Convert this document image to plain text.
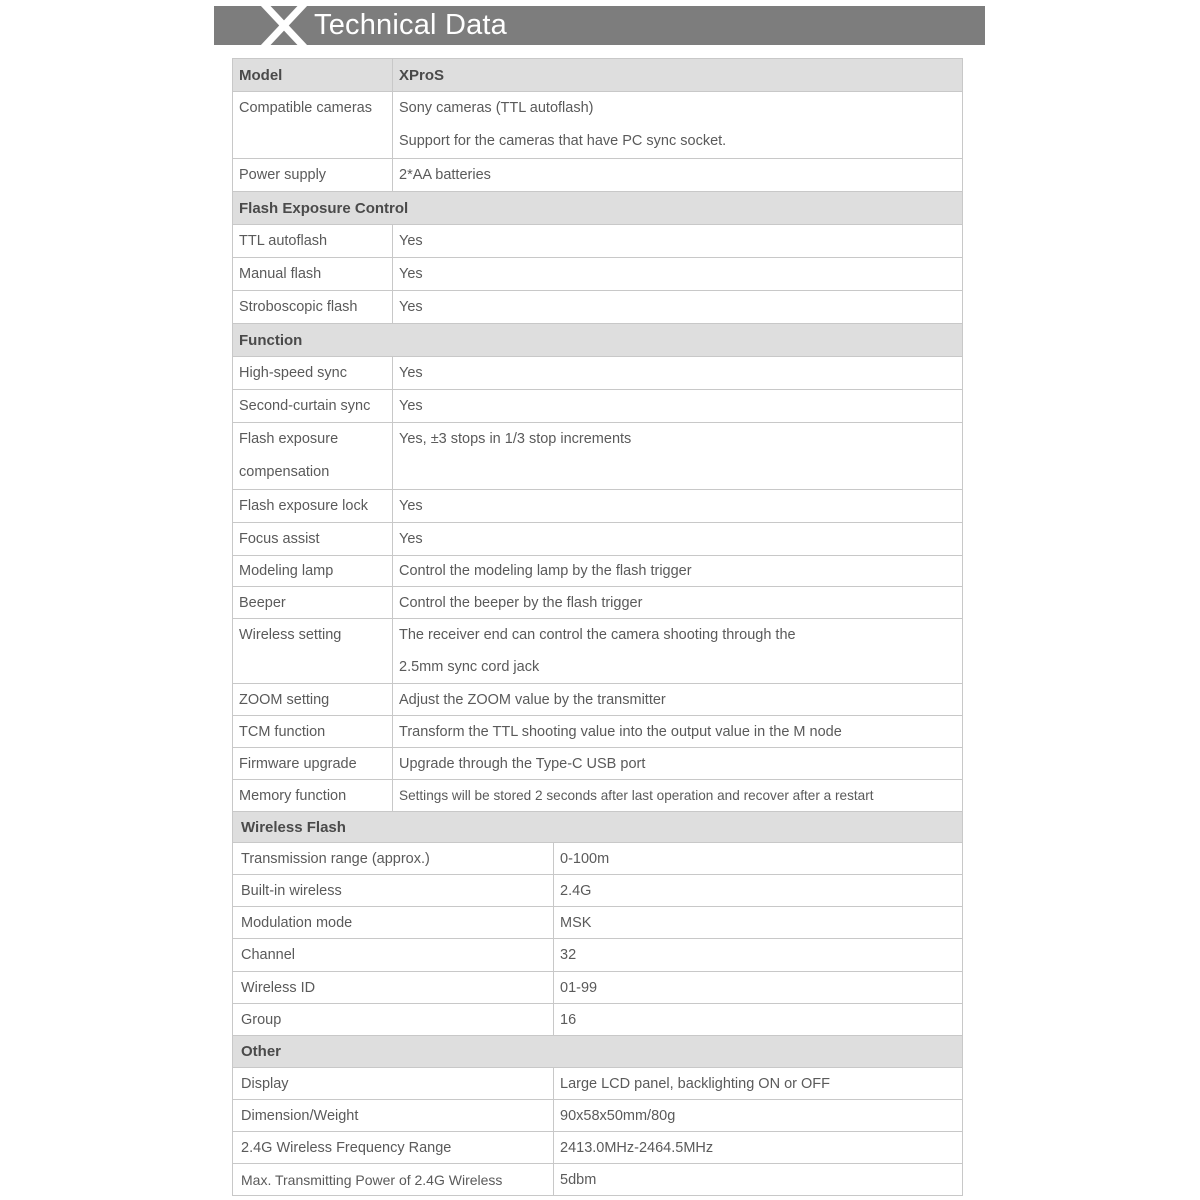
Technical Data
Model	XProS	
Compatible cameras	Sony cameras (TTL autoflash)
Support for the cameras that have PC sync socket.	

Power supply	2*AA batteries	
Flash Exposure Control		
TTL autoflash	Yes	
Manual flash	Yes	
Stroboscopic flash	Yes	
Function		
High-speed sync	Yes	
Second-curtain sync	Yes	

Flash exposure
compensation	Yes, ±3 stops in 1/3 stop increments	
Flash exposure lock	Yes	
Focus assist	Yes	
Modeling lamp	Control the modeling lamp by the flash trigger	
Beeper	Control the beeper by the flash trigger	
Wireless setting	The receiver end can control the camera shooting through the
2.5mm sync cord jack	

ZOOM setting	Adjust the ZOOM value by the transmitter	
TCM function	Transform the TTL shooting value into the output value in the M node	
Firmware upgrade	Upgrade through the Type-C USB port	
Memory function	Settings will be stored 2 seconds after last operation and recover after a restart	
Wireless Flash		
Transmission range (approx.)		0-100m
Built-in wireless		2.4G
Modulation mode		MSK
Channel		32
Wireless ID		01-99
Group		16
Other		
Display		Large LCD panel, backlighting ON or OFF
Dimension/Weight		90x58x50mm/80g
2.4G Wireless Frequency Range		2413.0MHz-2464.5MHz
Max. Transmitting Power of 2.4G Wireless		5dbm
